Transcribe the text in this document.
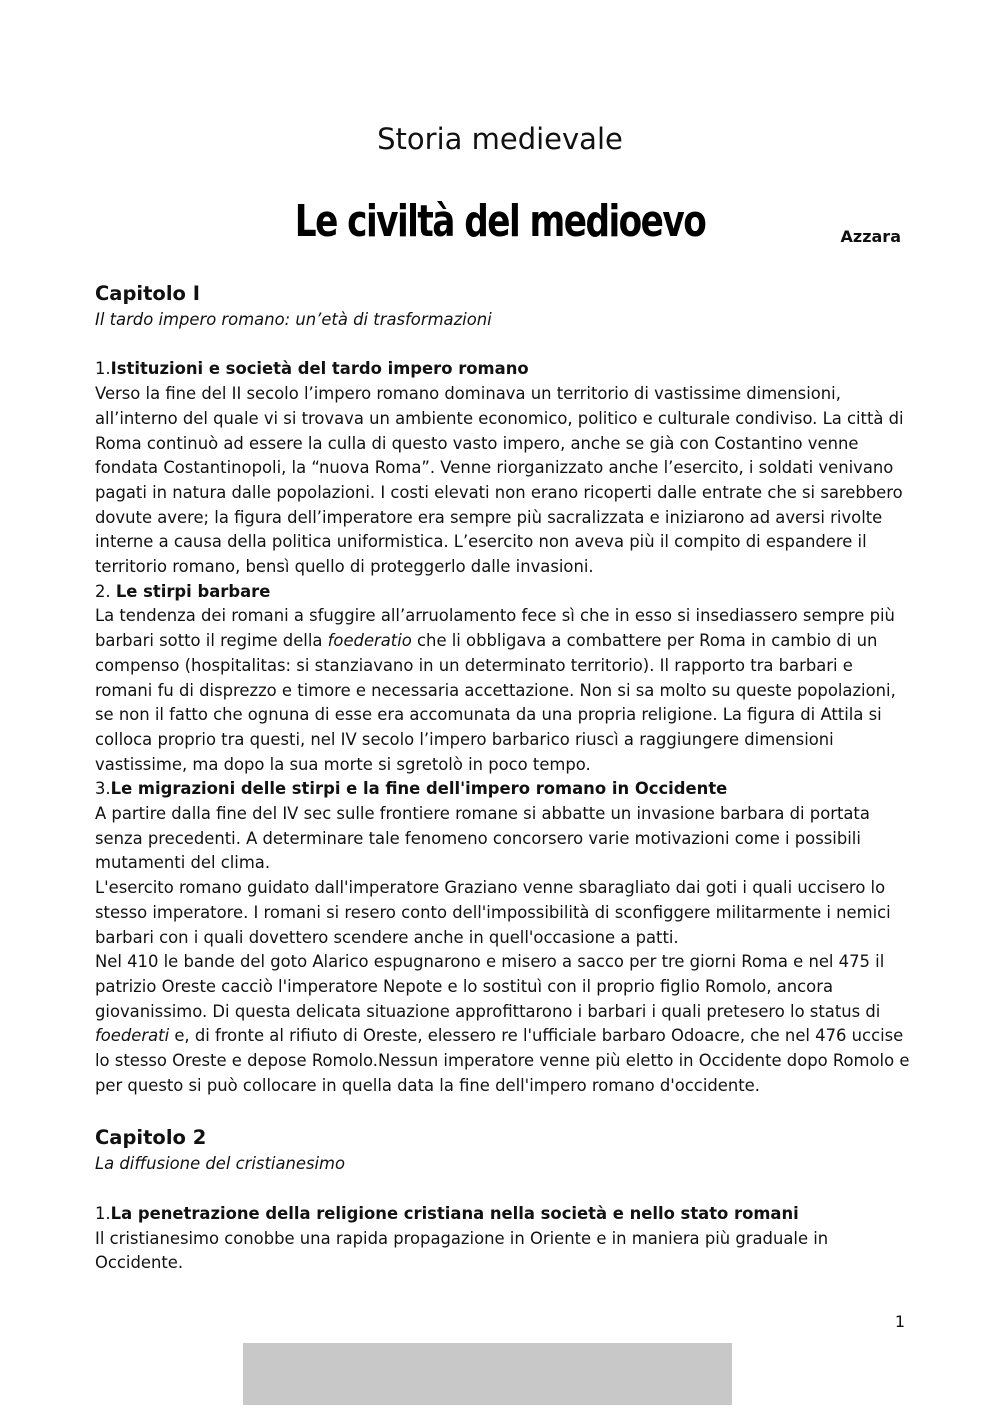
Storia medievale
Le civiltà del medioevo	Azzara
Capitolo I
Il tardo impero romano: un’età di trasformazioni
1.Istituzioni e società del tardo impero romano

Verso la fine del II secolo l’impero romano dominava un territorio di vastissime dimensioni, all’interno del quale vi si trovava un ambiente economico, politico e culturale condiviso. La città di Roma continuò ad essere la culla di questo vasto impero, anche se già con Costantino venne fondata Costantinopoli, la “nuova Roma”. Venne riorganizzato anche l’esercito, i soldati venivano pagati in natura dalle popolazioni. I costi elevati non erano ricoperti dalle entrate che si sarebbero dovute avere; la figura dell’imperatore era sempre più sacralizzata e iniziarono ad aversi rivolte interne a causa della politica uniformistica. L’esercito non aveva più il compito di espandere il territorio romano, bensì quello di proteggerlo dalle invasioni.

2. Le stirpi barbare

La tendenza dei romani a sfuggire all’arruolamento fece sì che in esso si insediassero sempre più barbari sotto il regime della foederatio che li obbligava a combattere per Roma in cambio di un compenso (hospitalitas: si stanziavano in un determinato territorio). Il rapporto tra barbari e romani fu di disprezzo e timore e necessaria accettazione. Non si sa molto su queste popolazioni, se non il fatto che ognuna di esse era accomunata da una propria religione. La figura di Attila si colloca proprio tra questi, nel IV secolo l’impero barbarico riuscì a raggiungere dimensioni vastissime, ma dopo la sua morte si sgretolò in poco tempo.

3.Le migrazioni delle stirpi e la fine dell'impero romano in Occidente

A partire dalla fine del IV sec sulle frontiere romane si abbatte un invasione barbara di portata senza precedenti. A determinare tale fenomeno concorsero varie motivazioni come i possibili mutamenti del clima.

L'esercito romano guidato dall'imperatore Graziano venne sbaragliato dai goti i quali uccisero lo stesso imperatore. I romani si resero conto dell'impossibilità di sconfiggere militarmente i nemici barbari con i quali dovettero scendere anche in quell'occasione a patti.

Nel 410 le bande del goto Alarico espugnarono e misero a sacco per tre giorni Roma e nel 475 il patrizio Oreste cacciò l'imperatore Nepote e lo sostituì con il proprio figlio Romolo, ancora giovanissimo. Di questa delicata situazione approfittarono i barbari i quali pretesero lo status di foederati e, di fronte al rifiuto di Oreste, elessero re l'ufficiale barbaro Odoacre, che nel 476 uccise lo stesso Oreste e depose Romolo.Nessun imperatore venne più eletto in Occidente dopo Romolo e per questo si può collocare in quella data la fine dell'impero romano d'occidente.

Capitolo 2
La diffusione del cristianesimo
1.La penetrazione della religione cristiana nella società e nello stato romani

Il cristianesimo conobbe una rapida propagazione in Oriente e in maniera più graduale in Occidente.

1
